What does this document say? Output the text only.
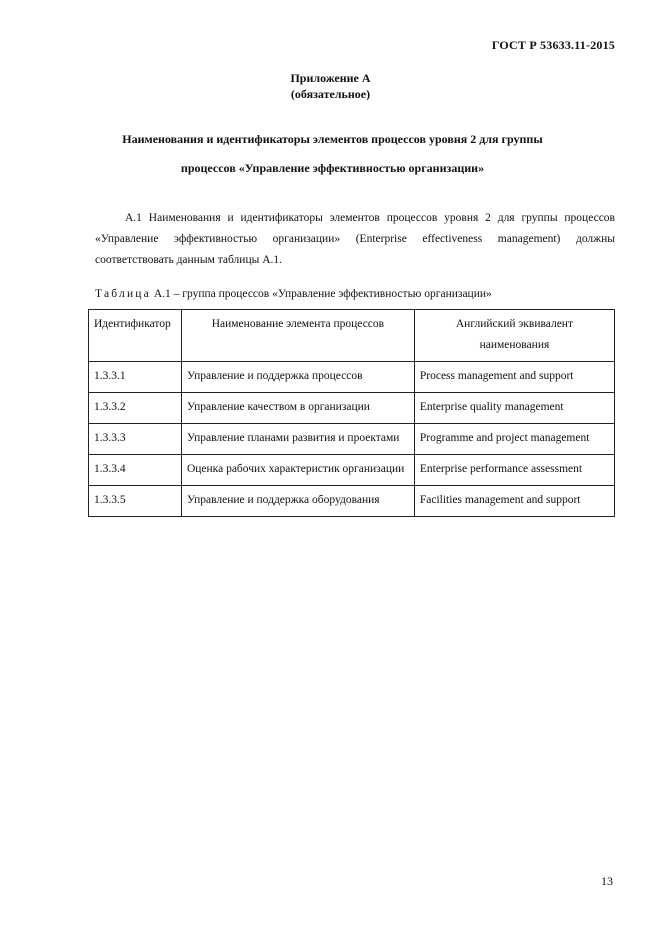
ГОСТ Р 53633.11-2015
Приложение А
(обязательное)
Наименования и идентификаторы элементов процессов уровня 2 для группы
процессов «Управление эффективностью организации»
А.1 Наименования и идентификаторы элементов процессов уровня 2 для группы процессов «Управление эффективностью организации» (Enterprise effectiveness management) должны соответствовать данным таблицы А.1.
Таблица А.1 – группа процессов «Управление эффективностью организации»
Идентификатор	Наименование элемента процессов	Английский эквивалент наименования
1.3.3.1	Управление и поддержка процессов	Process management and support
1.3.3.2	Управление качеством в организации	Enterprise quality management
1.3.3.3	Управление планами развития и проектами	Programme and project management
1.3.3.4	Оценка рабочих характеристик организации	Enterprise performance assessment
1.3.3.5	Управление и поддержка оборудования	Facilities management and support
13
